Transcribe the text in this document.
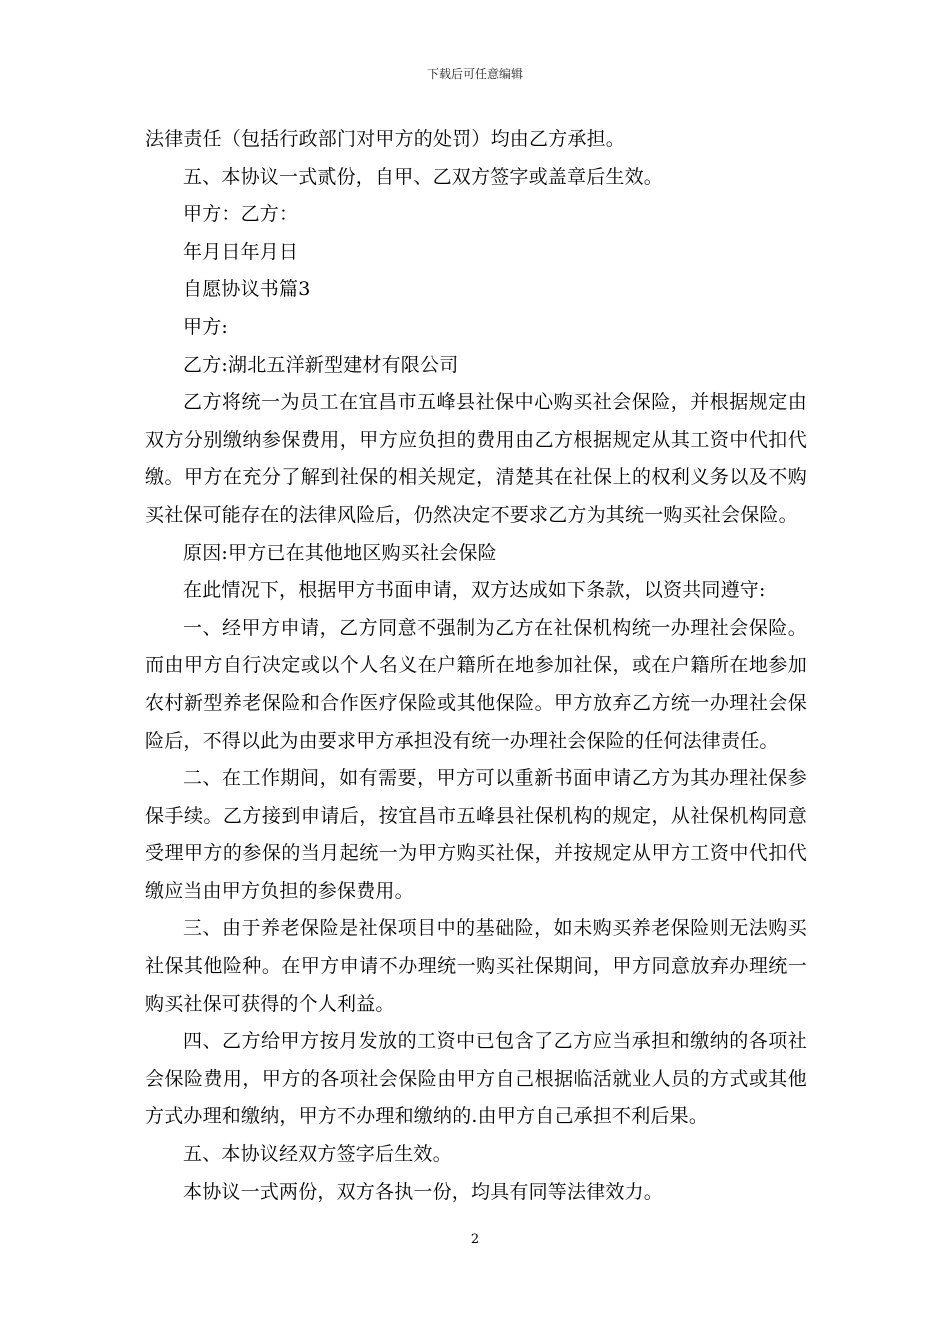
下载后可任意编辑

法律责任（包括行政部门对甲方的处罚）均由乙方承担。

五、本协议一式贰份，自甲、乙双方签字或盖章后生效。

甲方：乙方：

年月日年月日

自愿协议书篇3

甲方:

乙方:湖北五洋新型建材有限公司

乙方将统一为员工在宜昌市五峰县社保中心购买社会保险，并根据规定由双方分别缴纳参保费用，甲方应负担的费用由乙方根据规定从其工资中代扣代缴。甲方在充分了解到社保的相关规定，清楚其在社保上的权利义务以及不购买社保可能存在的法律风险后，仍然决定不要求乙方为其统一购买社会保险。

原因:甲方已在其他地区购买社会保险

在此情况下，根据甲方书面申请，双方达成如下条款，以资共同遵守:

一、经甲方申请，乙方同意不强制为乙方在社保机构统一办理社会保险。而由甲方自行决定或以个人名义在户籍所在地参加社保，或在户籍所在地参加农村新型养老保险和合作医疗保险或其他保险。甲方放弃乙方统一办理社会保险后，不得以此为由要求甲方承担没有统一办理社会保险的任何法律责任。

二、在工作期间，如有需要，甲方可以重新书面申请乙方为其办理社保参保手续。乙方接到申请后，按宜昌市五峰县社保机构的规定，从社保机构同意受理甲方的参保的当月起统一为甲方购买社保，并按规定从甲方工资中代扣代缴应当由甲方负担的参保费用。

三、由于养老保险是社保项目中的基础险，如未购买养老保险则无法购买社保其他险种。在甲方申请不办理统一购买社保期间，甲方同意放弃办理统一购买社保可获得的个人利益。

四、乙方给甲方按月发放的工资中已包含了乙方应当承担和缴纳的各项社会保险费用，甲方的各项社会保险由甲方自己根据临活就业人员的方式或其他方式办理和缴纳，甲方不办理和缴纳的.由甲方自己承担不利后果。

五、本协议经双方签字后生效。

本协议一式两份，双方各执一份，均具有同等法律效力。

2
